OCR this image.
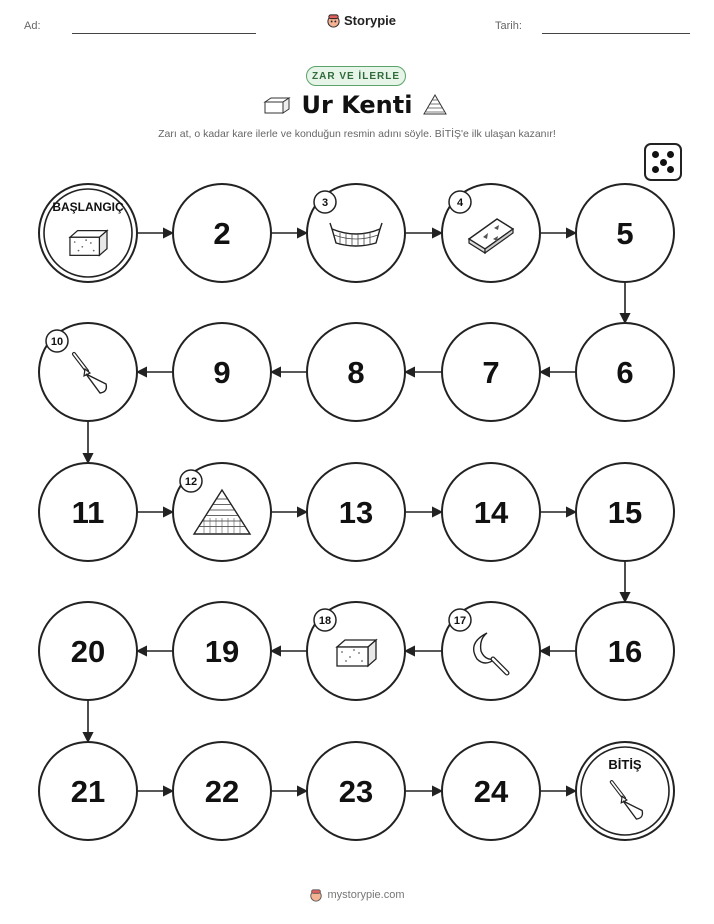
Ad:	Storypie	Tarih:
ZAR VE İLERLE
Ur Kenti
Zarı at, o kadar kare ilerle ve konduğun resmin adını söyle. BİTİŞ'e ilk ulaşan kazanır!
BAŞLANGIÇ
2
3	4
5
6
7
8
9
10
11
12
13	14	15
16
17
18
19
20
21	22	23	24
BİTİŞ
mystorypie.com
